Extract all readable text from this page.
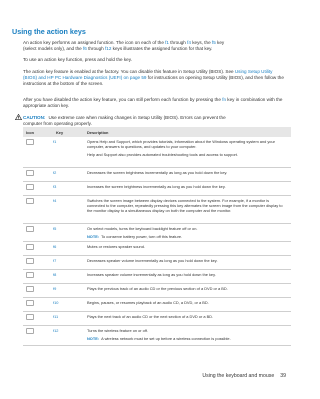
Using the action keys
An action key performs an assigned function. The icon on each of the f1 through f4 keys, the f5 key
(select models only), and the f6 through f12 keys illustrates the assigned function for that key.
To use an action key function, press and hold the key.
The action key feature is enabled at the factory. You can disable this feature in Setup Utility (BIOS). See Using Setup Utility (BIOS) and HP PC Hardware Diagnostics (UEFI) on page 59 for instructions on opening Setup Utility (BIOS), and then follow the instructions at the bottom of the screen.
After you have disabled the action key feature, you can still perform each function by pressing the fn key in combination with the appropriate action key.
CAUTION: Use extreme care when making changes in Setup Utility (BIOS). Errors can prevent the
computer from operating properly.
Icon	Key	Description
	f1	Opens Help and Support, which provides tutorials, information about the Windows operating system and your computer, answers to questions, and updates to your computer.

Help and Support also provides automated troubleshooting tools and access to support.

	f2	Decreases the screen brightness incrementally as long as you hold down the key.

	f3	Increases the screen brightness incrementally as long as you hold down the key.

	f4	Switches the screen image between display devices connected to the system. For example, if a monitor is connected to the computer, repeatedly pressing this key alternates the screen image from the computer display to the monitor display to a simultaneous display on both the computer and the monitor.

	f5	On select models, turns the keyboard backlight feature off or on.

NOTE: To conserve battery power, turn off this feature.

	f6	Mutes or restores speaker sound.

	f7	Decreases speaker volume incrementally as long as you hold down the key.

	f8	Increases speaker volume incrementally as long as you hold down the key.

	f9	Plays the previous track of an audio CD or the previous section of a DVD or a BD.

	f10	Begins, pauses, or resumes playback of an audio CD, a DVD, or a BD.

	f11	Plays the next track of an audio CD or the next section of a DVD or a BD.

	f12	Turns the wireless feature on or off.

NOTE: A wireless network must be set up before a wireless connection is possible.
Using the keyboard and mouse 39
